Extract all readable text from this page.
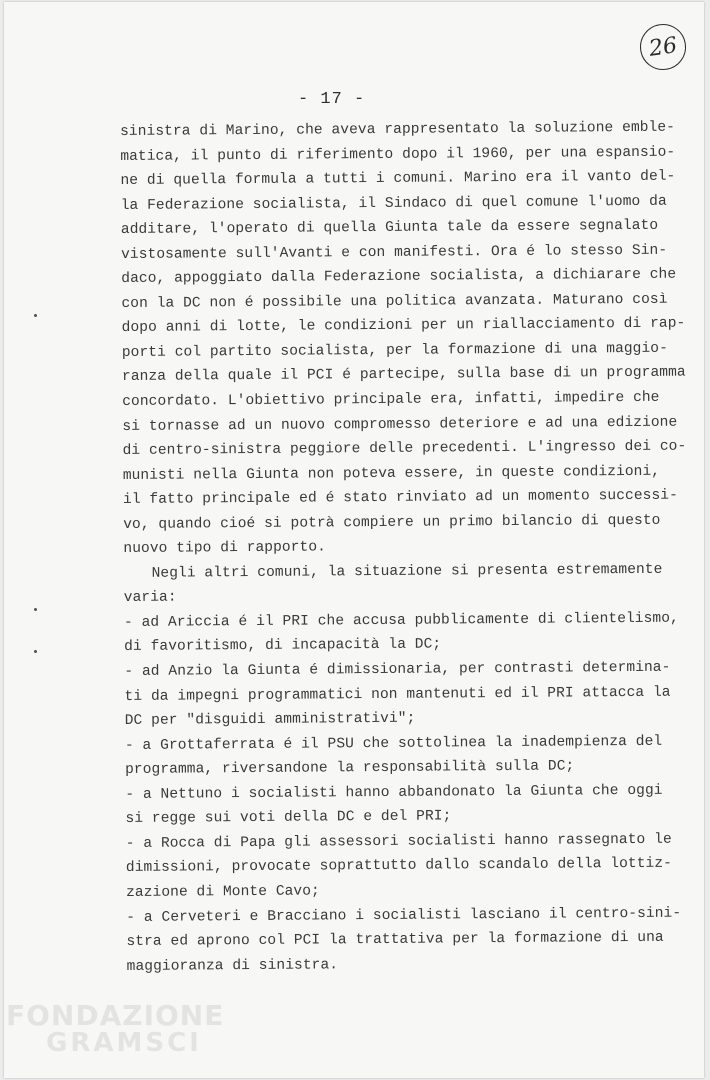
26
- 17 -
sinistra di Marino, che aveva rappresentato la soluzione emble-
matica, il punto di riferimento dopo il 1960, per una espansio-
ne di quella formula a tutti i comuni. Marino era il vanto del-
la Federazione socialista, il Sindaco di quel comune l'uomo da
additare, l'operato di quella Giunta tale da essere segnalato
vistosamente sull'Avanti e con manifesti. Ora é lo stesso Sin-
daco, appoggiato dalla Federazione socialista, a dichiarare che
con la DC non é possibile una politica avanzata. Maturano così
dopo anni di lotte, le condizioni per un riallacciamento di rap-
porti col partito socialista, per la formazione di una maggio-
ranza della quale il PCI é partecipe, sulla base di un programma
concordato. L'obiettivo principale era, infatti, impedire che
si tornasse ad un nuovo compromesso deteriore e ad una edizione
di centro-sinistra peggiore delle precedenti. L'ingresso dei co-
munisti nella Giunta non poteva essere, in queste condizioni,
il fatto principale ed é stato rinviato ad un momento successi-
vo, quando cioé si potrà compiere un primo bilancio di questo
nuovo tipo di rapporto.
Negli altri comuni, la situazione si presenta estremamente
varia:
- ad Ariccia é il PRI che accusa pubblicamente di clientelismo,
di favoritismo, di incapacità la DC;
- ad Anzio la Giunta é dimissionaria, per contrasti determina-
ti da impegni programmatici non mantenuti ed il PRI attacca la
DC per "disguidi amministrativi";
- a Grottaferrata é il PSU che sottolinea la inadempienza del
programma, riversandone la responsabilità sulla DC;
- a Nettuno i socialisti hanno abbandonato la Giunta che oggi
si regge sui voti della DC e del PRI;
- a Rocca di Papa gli assessori socialisti hanno rassegnato le
dimissioni, provocate soprattutto dallo scandalo della lottiz-
zazione di Monte Cavo;
- a Cerveteri e Bracciano i socialisti lasciano il centro-sini-
stra ed aprono col PCI la trattativa per la formazione di una
maggioranza di sinistra.
FONDAZIONE
GRAMSCI
